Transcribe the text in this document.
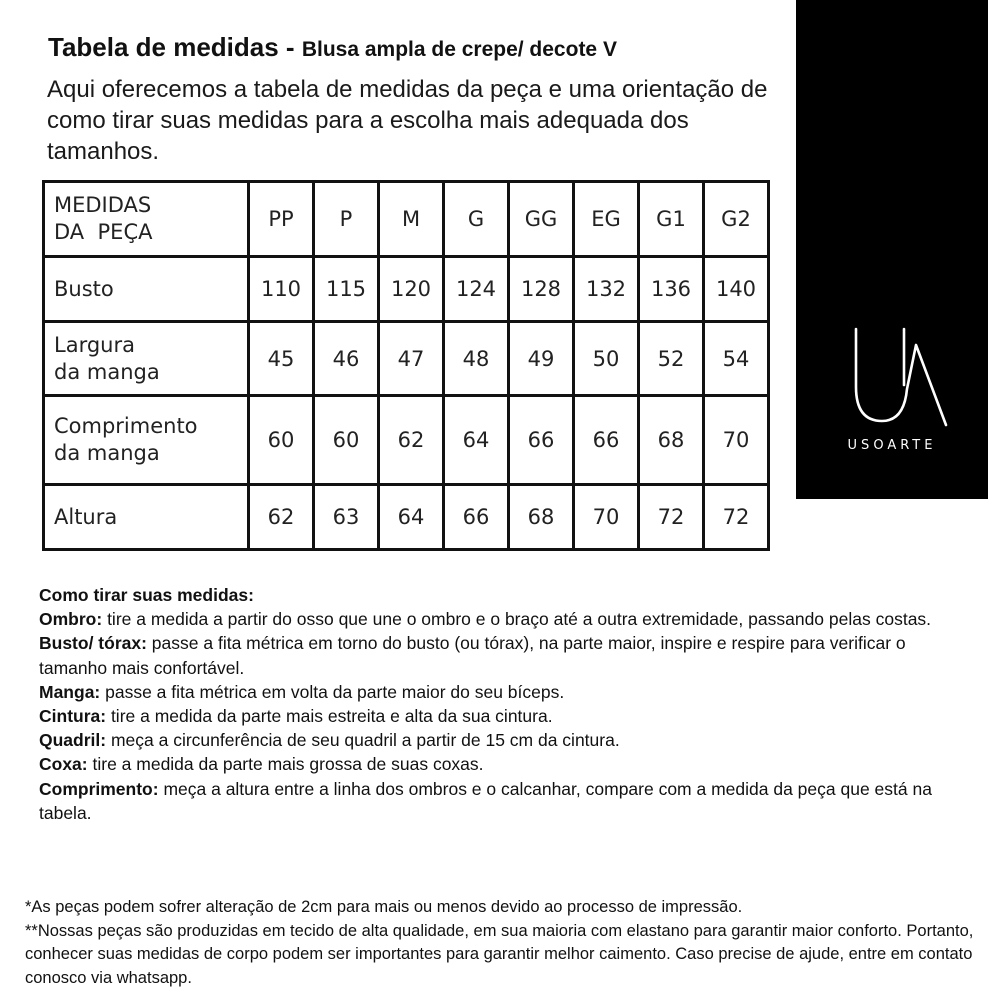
Tabela de medidas - Blusa ampla de crepe/ decote V
Aqui oferecemos a tabela de medidas da peça e uma orientação de como tirar suas medidas para a escolha mais adequada dos tamanhos.
MEDIDAS
DA  PEÇA	PP	P	M	G	GG	EG	G1	G2

Busto	110	115	120	124	128	132	136	140

Largura
da manga	45	46	47	48	49	50	52	54

Comprimento
da manga	60	60	62	64	66	66	68	70

Altura	62	63	64	66	68	70	72	72
USOARTE
Como tirar suas medidas:
Ombro: tire a medida a partir do osso que une o ombro e o braço até a outra extremidade, passando pelas costas.
Busto/ tórax: passe a fita métrica em torno do busto (ou tórax), na parte maior, inspire e respire para verificar o tamanho mais confortável.
Manga: passe a fita métrica em volta da parte maior do seu bíceps.
Cintura: tire a medida da parte mais estreita e alta da sua cintura.
Quadril: meça a circunferência de seu quadril a partir de 15 cm da cintura.
Coxa: tire a medida da parte mais grossa de suas coxas.
Comprimento: meça a altura entre a linha dos ombros e o calcanhar, compare com a medida da peça que está na tabela.
*As peças podem sofrer alteração de 2cm para mais ou menos devido ao processo de impressão.
**Nossas peças são produzidas em tecido de alta qualidade, em sua maioria com elastano para garantir maior conforto. Portanto, conhecer suas medidas de corpo podem ser importantes para garantir melhor caimento. Caso precise de ajude, entre em contato conosco via whatsapp.
